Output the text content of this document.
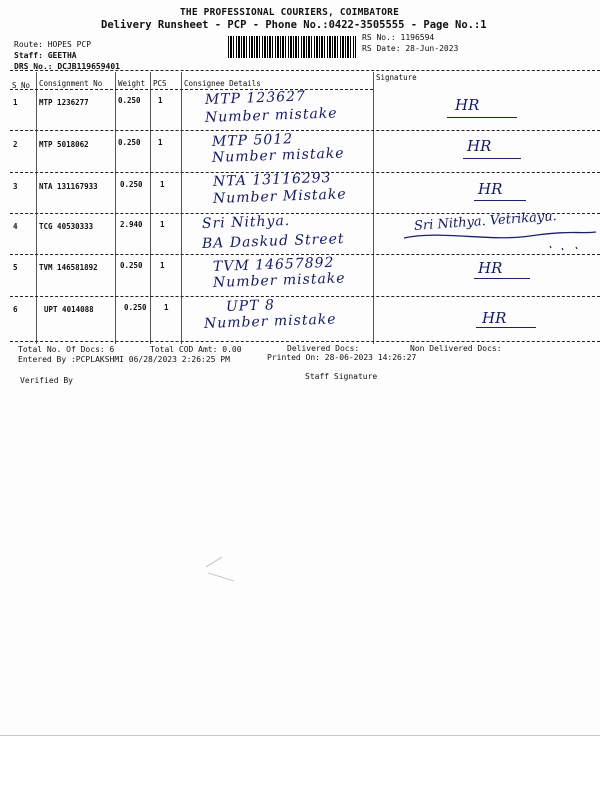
THE PROFESSIONAL COURIERS, COIMBATORE
Delivery Runsheet - PCP - Phone No.:0422-3505555 - Page No.:1
Route: HOPES PCP
Staff: GEETHA
DRS No.: DCJB119659401
RS No.: 1196594
RS Date: 28-Jun-2023
S No Consignment No Weight PCS Consignee Details
Signature
1	MTP 1236277	0.250 1	MTP 123627
Number mistake
HR
2	MTP 5018062	0.250 1	MTP 5012
Number mistake	HR
3	NTA 131167933	0.250 1	NTA 13116293
Number Mistake	HR
4	TCG 40530333	2.940 1	Sri Nithya.
BA Daskud Street
Sri Nithya. Vetrikayu.
5	TVM 146581892	0.250 1	TVM 14657892
Number mistake
HR
6	UPT 4014088	0.250 1	UPT 8
Number mistake	HR
Total No. Of Docs: 6	Total COD Amt: 0.00	Delivered Docs:	Non Delivered Docs:
Entered By :PCPLAKSHMI 06/28/2023 2:26:25 PM	Printed On: 28-06-2023 14:26:27
Staff Signature
Verified By
